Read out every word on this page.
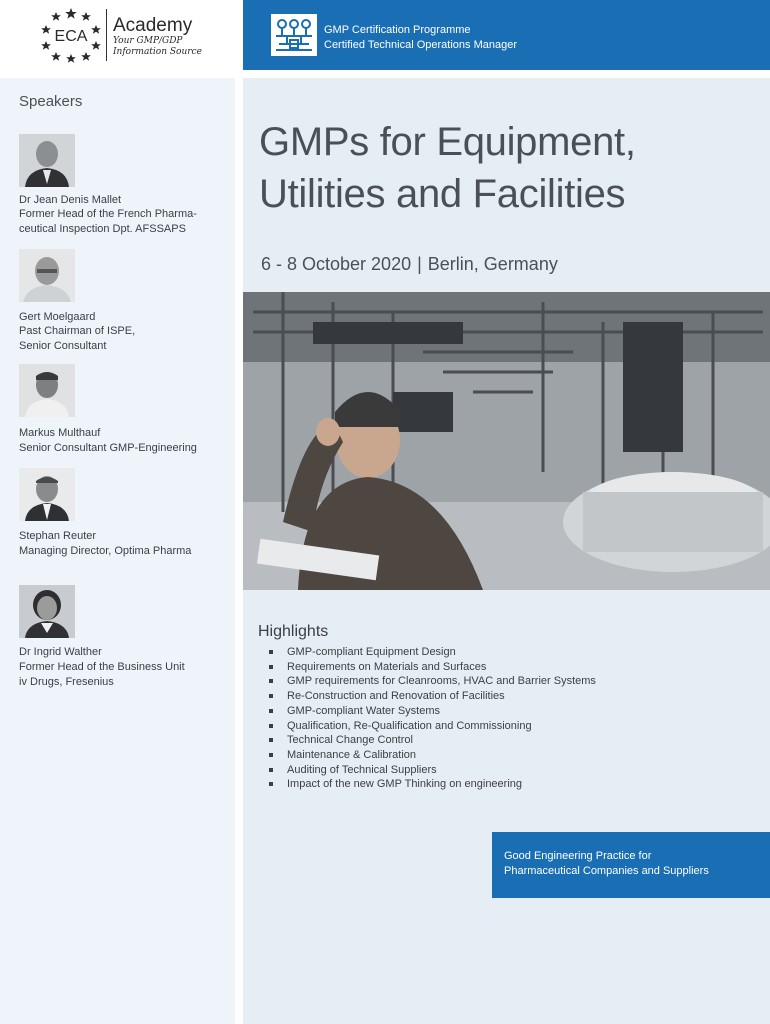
ECA
Academy
Your GMP/GDP
Information Source
Speakers
Dr Jean Denis Mallet
Former Head of the French Pharma-
ceutical Inspection Dpt. AFSSAPS
Gert Moelgaard
Past Chairman of ISPE,
Senior Consultant
Markus Multhauf
Senior Consultant GMP-Engineering
Stephan Reuter
Managing Director, Optima Pharma
Dr Ingrid Walther
Former Head of the Business Unit
iv Drugs, Fresenius
GMP Certification Programme
Certified Technical Operations Manager
GMPs for Equipment,
Utilities and Facilities
6 - 8 October 2020 | Berlin, Germany
Highlights
GMP-compliant Equipment Design
Requirements on Materials and Surfaces
GMP requirements for Cleanrooms, HVAC and Barrier Systems
Re-Construction and Renovation of Facilities
GMP-compliant Water Systems
Qualification, Re-Qualification and Commissioning
Technical Change Control
Maintenance & Calibration
Auditing of Technical Suppliers
Impact of the new GMP Thinking on engineering
Good Engineering Practice for
Pharmaceutical Companies and Suppliers
